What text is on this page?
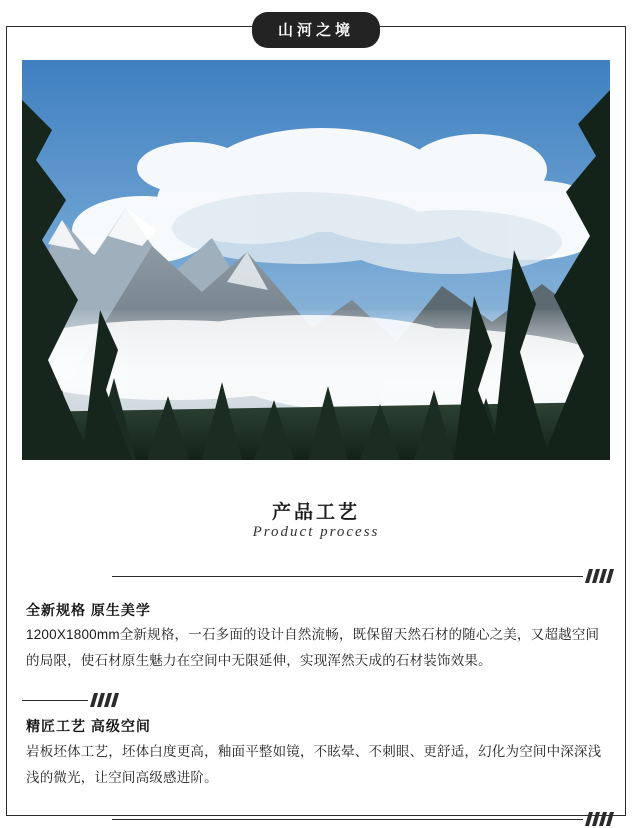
山河之境
产品工艺
Product process
全新规格 原生美学
1200X1800mm全新规格，一石多面的设计自然流畅，既保留天然石材的随心之美，又超越空间的局限，使石材原生魅力在空间中无限延伸，实现浑然天成的石材装饰效果。
精匠工艺 高级空间
岩板坯体工艺，坯体白度更高，釉面平整如镜，不眩晕、不刺眼、更舒适，幻化为空间中深深浅浅的微光，让空间高级感进阶。
